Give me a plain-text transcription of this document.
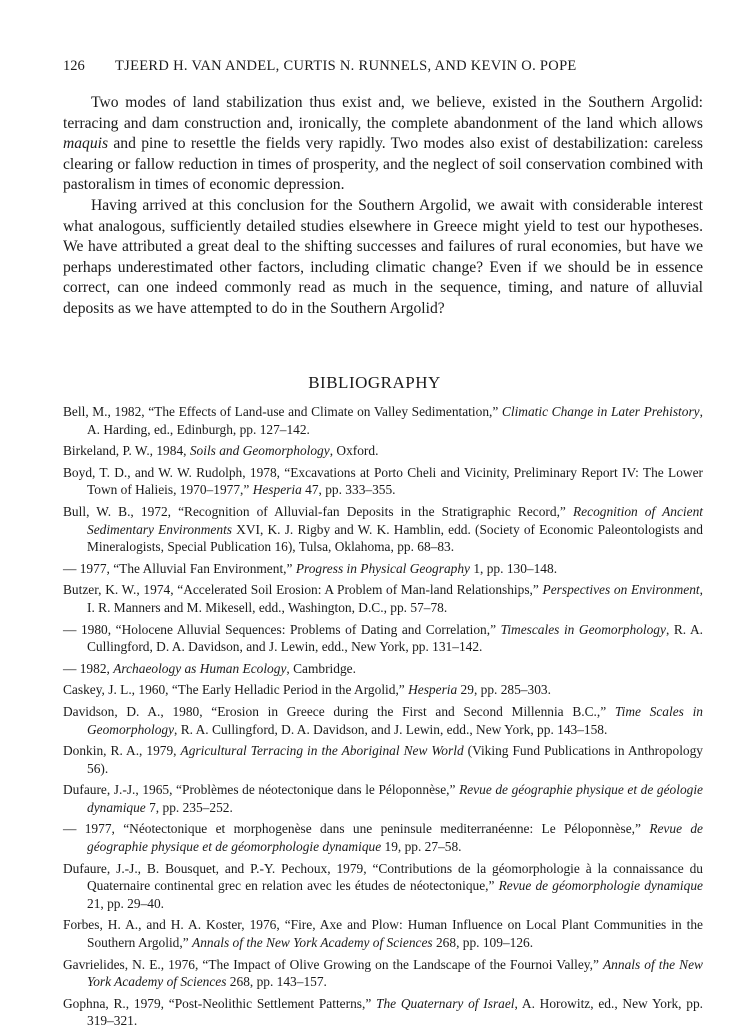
126 TJEERD H. VAN ANDEL, CURTIS N. RUNNELS, AND KEVIN O. POPE

Two modes of land stabilization thus exist and, we believe, existed in the Southern Argolid: terracing and dam construction and, ironically, the complete abandonment of the land which allows maquis and pine to resettle the fields very rapidly. Two modes also exist of destabilization: careless clearing or fallow reduction in times of prosperity, and the neglect of soil conservation combined with pastoralism in times of economic depression.

Having arrived at this conclusion for the Southern Argolid, we await with considerable interest what analogous, sufficiently detailed studies elsewhere in Greece might yield to test our hypotheses. We have attributed a great deal to the shifting successes and failures of rural economies, but have we perhaps underestimated other factors, including climatic change? Even if we should be in essence correct, can one indeed commonly read as much in the sequence, timing, and nature of alluvial deposits as we have attempted to do in the Southern Argolid?

BIBLIOGRAPHY

Bell, M., 1982, “The Effects of Land-use and Climate on Valley Sedimentation,” Climatic Change in Later Prehistory, A. Harding, ed., Edinburgh, pp. 127–142.

Birkeland, P. W., 1984, Soils and Geomorphology, Oxford.

Boyd, T. D., and W. W. Rudolph, 1978, “Excavations at Porto Cheli and Vicinity, Preliminary Report IV: The Lower Town of Halieis, 1970–1977,” Hesperia 47, pp. 333–355.

Bull, W. B., 1972, “Recognition of Alluvial-fan Deposits in the Stratigraphic Record,” Recognition of Ancient Sedimentary Environments XVI, K. J. Rigby and W. K. Hamblin, edd. (Society of Economic Paleontologists and Mineralogists, Special Publication 16), Tulsa, Oklahoma, pp. 68–83.

— 1977, “The Alluvial Fan Environment,” Progress in Physical Geography 1, pp. 130–148.

Butzer, K. W., 1974, “Accelerated Soil Erosion: A Problem of Man-land Relationships,” Perspectives on Environment, I. R. Manners and M. Mikesell, edd., Washington, D.C., pp. 57–78.

— 1980, “Holocene Alluvial Sequences: Problems of Dating and Correlation,” Timescales in Geomorphology, R. A. Cullingford, D. A. Davidson, and J. Lewin, edd., New York, pp. 131–142.

— 1982, Archaeology as Human Ecology, Cambridge.

Caskey, J. L., 1960, “The Early Helladic Period in the Argolid,” Hesperia 29, pp. 285–303.

Davidson, D. A., 1980, “Erosion in Greece during the First and Second Millennia B.C.,” Time Scales in Geomorphology, R. A. Cullingford, D. A. Davidson, and J. Lewin, edd., New York, pp. 143–158.

Donkin, R. A., 1979, Agricultural Terracing in the Aboriginal New World (Viking Fund Publications in Anthropology 56).

Dufaure, J.-J., 1965, “Problèmes de néotectonique dans le Péloponnèse,” Revue de géographie physique et de géologie dynamique 7, pp. 235–252.

— 1977, “Néotectonique et morphogenèse dans une peninsule mediterranéenne: Le Péloponnèse,” Revue de géographie physique et de géomorphologie dynamique 19, pp. 27–58.

Dufaure, J.-J., B. Bousquet, and P.-Y. Pechoux, 1979, “Contributions de la géomorphologie à la connaissance du Quaternaire continental grec en relation avec les études de néotectonique,” Revue de géomorphologie dynamique 21, pp. 29–40.

Forbes, H. A., and H. A. Koster, 1976, “Fire, Axe and Plow: Human Influence on Local Plant Communities in the Southern Argolid,” Annals of the New York Academy of Sciences 268, pp. 109–126.

Gavrielides, N. E., 1976, “The Impact of Olive Growing on the Landscape of the Fournoi Valley,” Annals of the New York Academy of Sciences 268, pp. 143–157.

Gophna, R., 1979, “Post-Neolithic Settlement Patterns,” The Quaternary of Israel, A. Horowitz, ed., New York, pp. 319–321.
